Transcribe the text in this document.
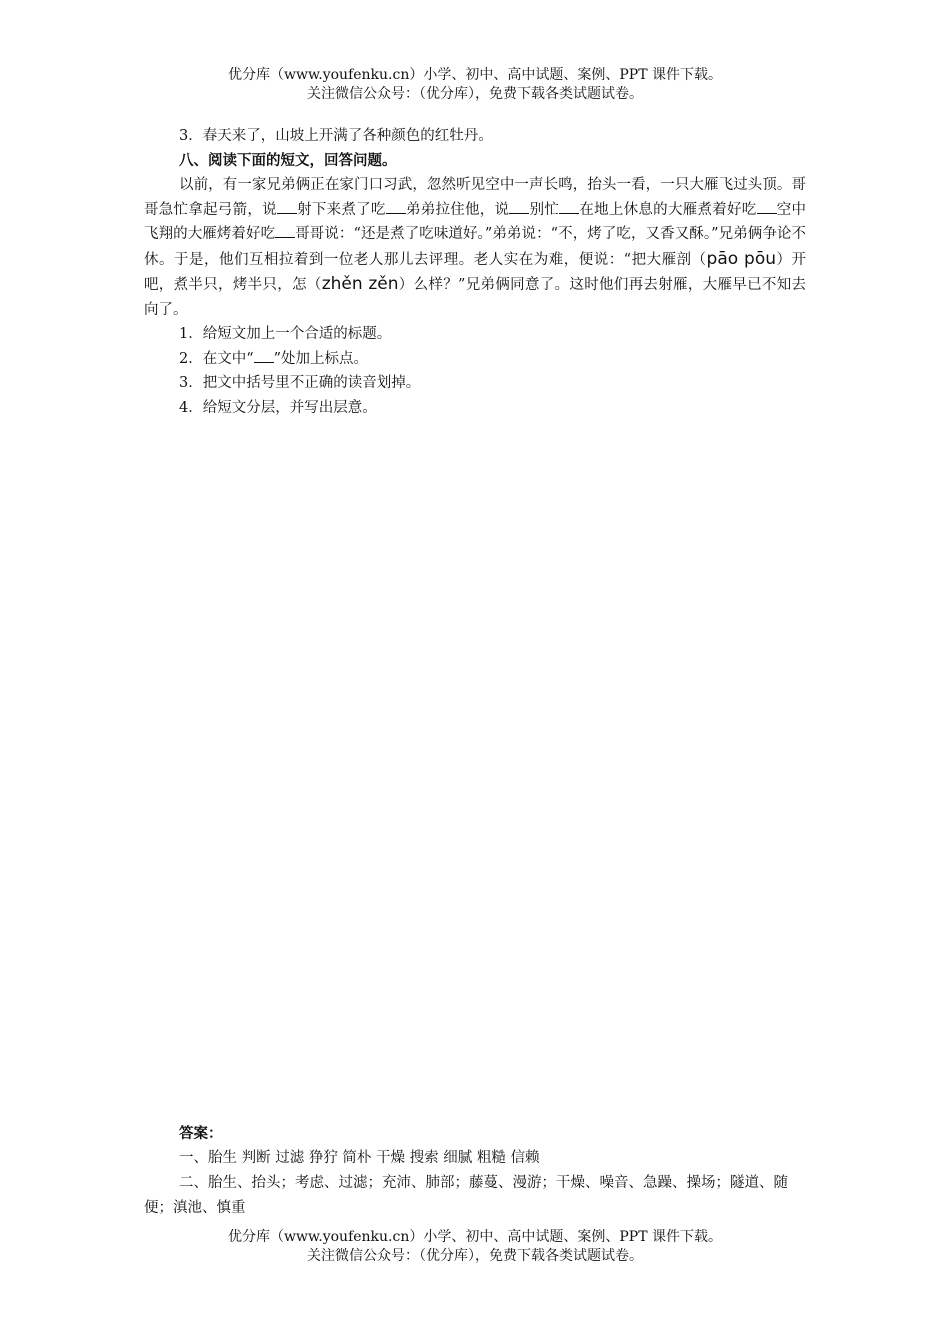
优分库（www.youfenku.cn）小学、初中、高中试题、案例、PPT 课件下载。
关注微信公众号：（优分库），免费下载各类试题试卷。
3．春天来了，山坡上开满了各种颜色的红牡丹。
八、阅读下面的短文，回答问题。
以前，有一家兄弟俩正在家门口习武，忽然听见空中一声长鸣，抬头一看，一只大雁飞过头顶。哥哥急忙拿起弓箭，说 射下来煮了吃 弟弟拉住他，说 别忙 在地上休息的大雁煮着好吃 空中飞翔的大雁烤着好吃 哥哥说：“还是煮了吃味道好。”弟弟说：“不，烤了吃，又香又酥。”兄弟俩争论不休。于是，他们互相拉着到一位老人那儿去评理。老人实在为难，便说：“把大雁剖（pāo pōu）开吧，煮半只，烤半只，怎（zhěn zěn）么样？”兄弟俩同意了。这时他们再去射雁，大雁早已不知去向了。
1．给短文加上一个合适的标题。
2．在文中“ ”处加上标点。
3．把文中括号里不正确的读音划掉。
4．给短文分层，并写出层意。
答案：
一、胎生 判断 过滤 狰狞 简朴 干燥 搜索 细腻 粗糙 信赖
二、胎生、抬头；考虑、过滤；充沛、肺部；藤蔓、漫游；干燥、噪音、急躁、操场；隧道、随便；滇池、慎重
优分库（www.youfenku.cn）小学、初中、高中试题、案例、PPT 课件下载。
关注微信公众号：（优分库），免费下载各类试题试卷。
